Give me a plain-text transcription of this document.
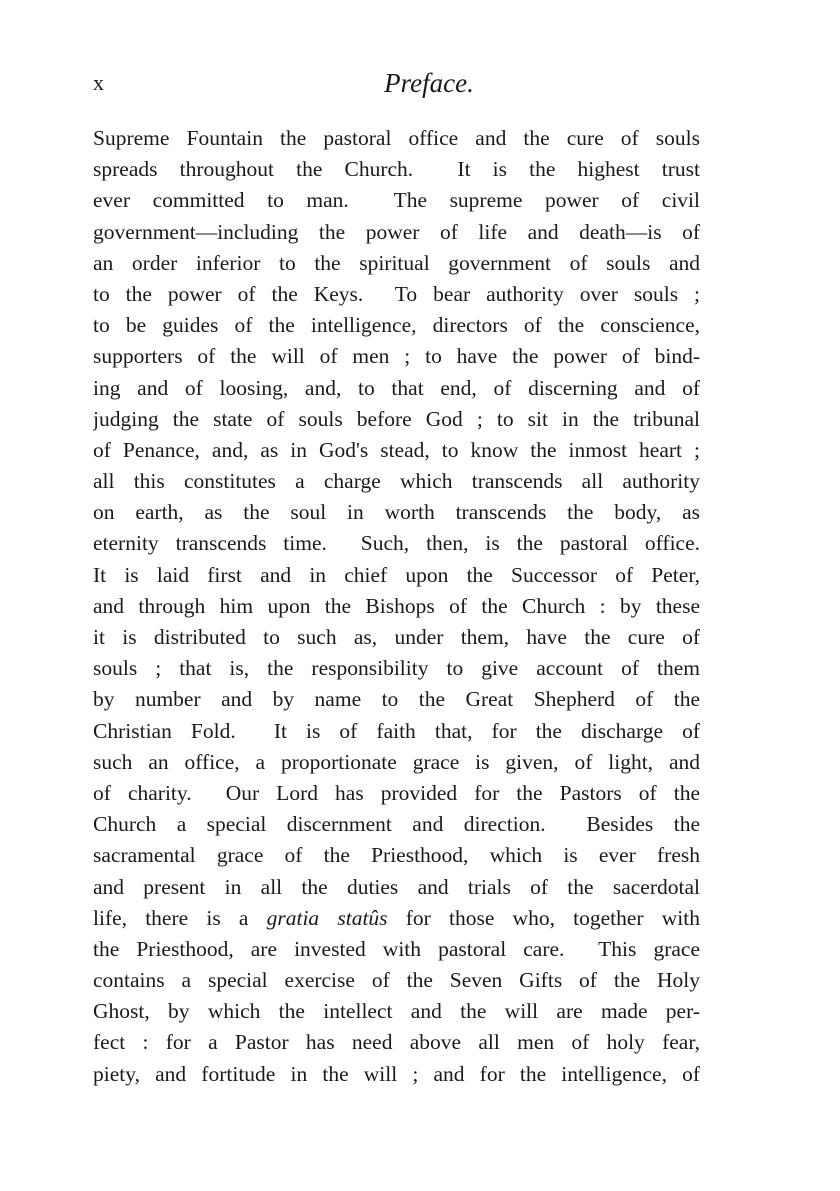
x	Preface.
Supreme Fountain the pastoral office and the cure of souls
spreads throughout the Church.  It is the highest trust
ever committed to man.  The supreme power of civil
government—including the power of life and death—is of
an order inferior to the spiritual government of souls and
to the power of the Keys.  To bear authority over souls ;
to be guides of the intelligence, directors of the conscience,
supporters of the will of men ; to have the power of bind-
ing and of loosing, and, to that end, of discerning and of
judging the state of souls before God ; to sit in the tribunal
of Penance, and, as in God's stead, to know the inmost heart ;
all this constitutes a charge which transcends all authority
on earth, as the soul in worth transcends the body, as
eternity transcends time.  Such, then, is the pastoral office.
It is laid first and in chief upon the Successor of Peter,
and through him upon the Bishops of the Church : by these
it is distributed to such as, under them, have the cure of
souls ; that is, the responsibility to give account of them
by number and by name to the Great Shepherd of the
Christian Fold.  It is of faith that, for the discharge of
such an office, a proportionate grace is given, of light, and
of charity.  Our Lord has provided for the Pastors of the
Church a special discernment and direction.  Besides the
sacramental grace of the Priesthood, which is ever fresh
and present in all the duties and trials of the sacerdotal
life, there is a gratia statûs for those who, together with
the Priesthood, are invested with pastoral care.  This grace
contains a special exercise of the Seven Gifts of the Holy
Ghost, by which the intellect and the will are made per-
fect : for a Pastor has need above all men of holy fear,
piety, and fortitude in the will ; and for the intelligence, of
